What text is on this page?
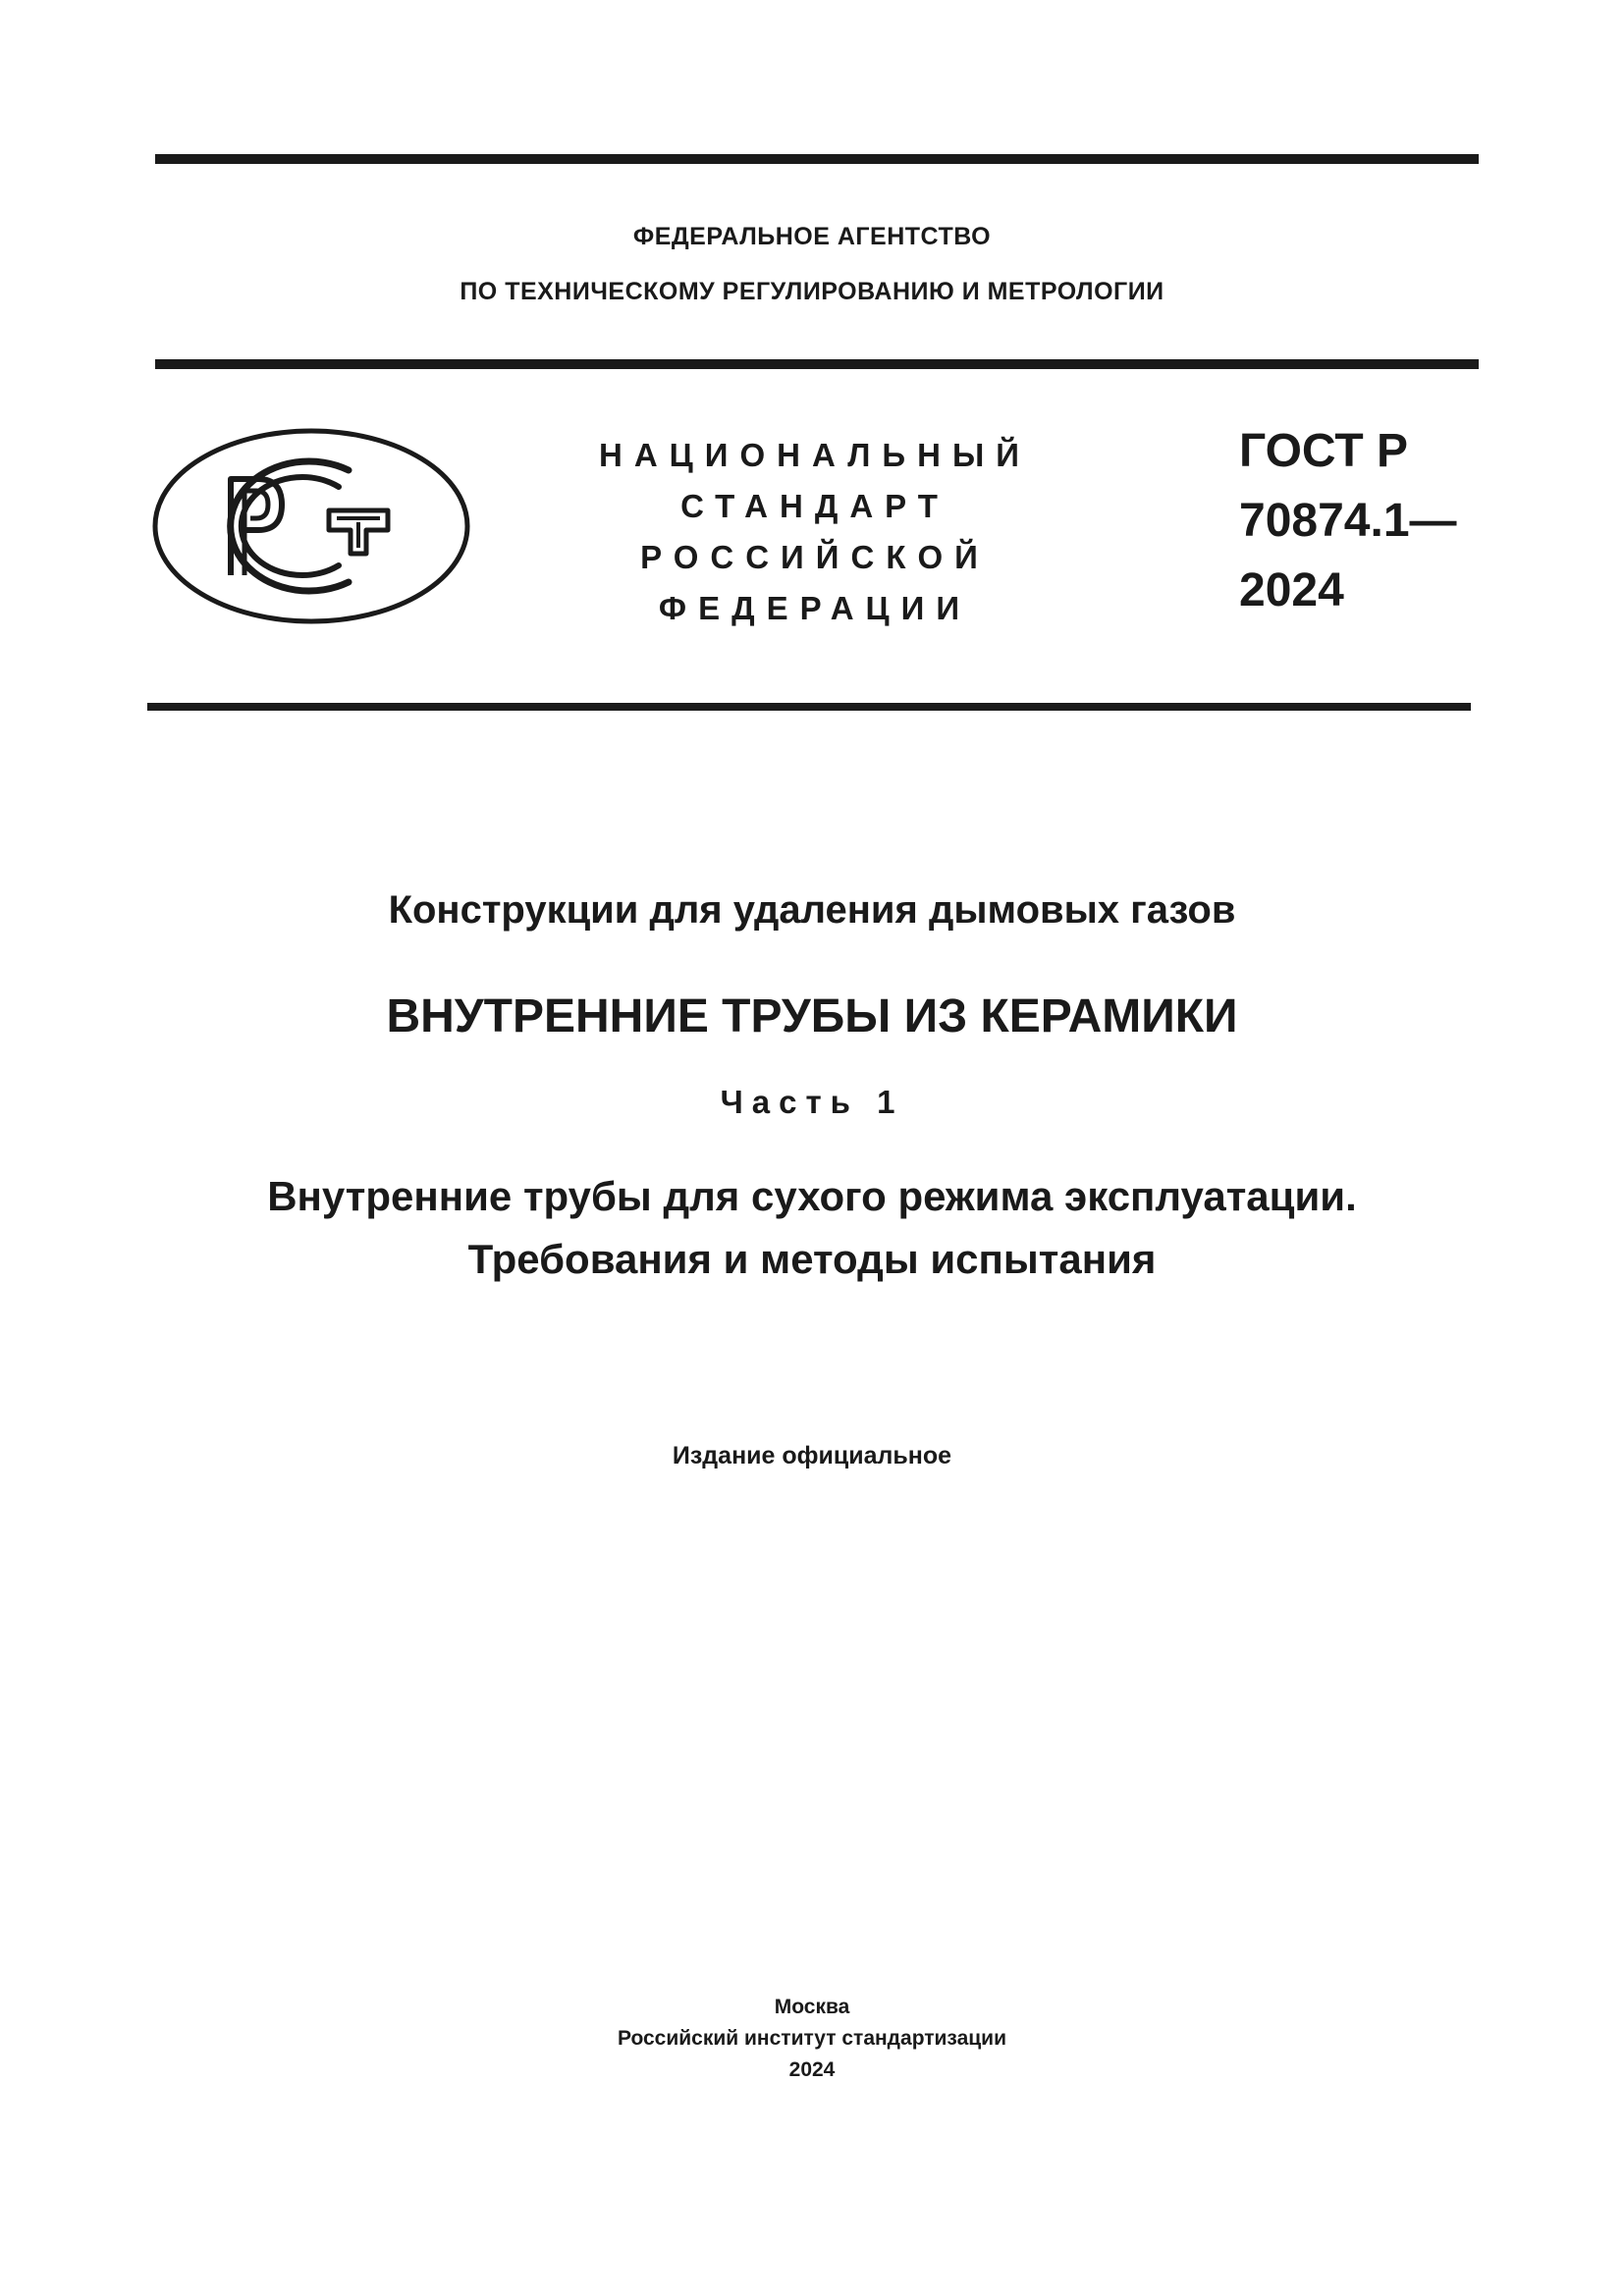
ФЕДЕРАЛЬНОЕ АГЕНТСТВО
ПО ТЕХНИЧЕСКОМУ РЕГУЛИРОВАНИЮ И МЕТРОЛОГИИ
НАЦИОНАЛЬНЫЙ
СТАНДАРТ
РОССИЙСКОЙ
ФЕДЕРАЦИИ
ГОСТ Р
70874.1—
2024
Конструкции для удаления дымовых газов
ВНУТРЕННИЕ ТРУБЫ ИЗ КЕРАМИКИ
Часть 1
Внутренние трубы для сухого режима эксплуатации.
Требования и методы испытания
Издание официальное
Москва
Российский институт стандартизации
2024
